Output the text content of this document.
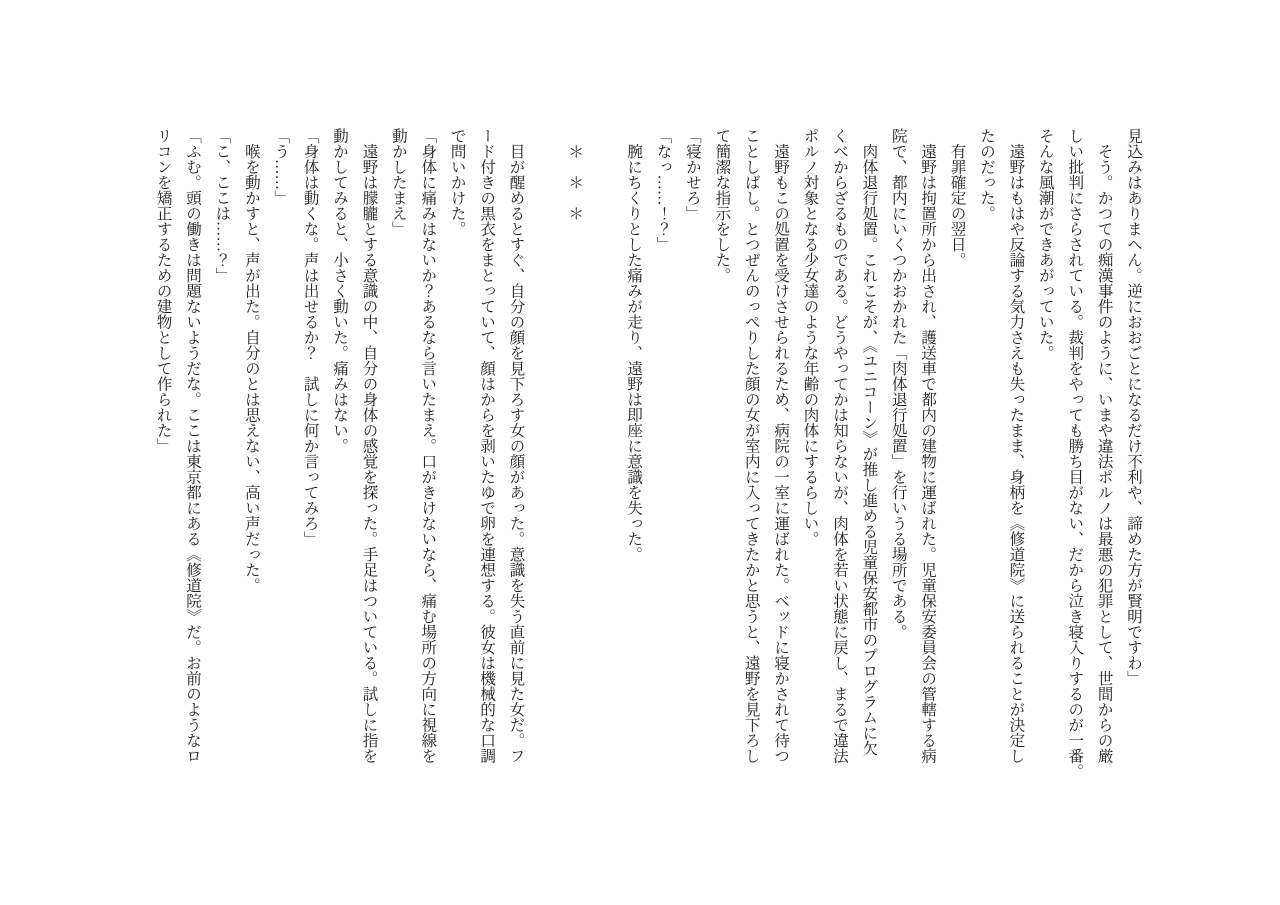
見込みはありまへん。逆におおごとになるだけ不利や、諦めた方が賢明ですわ」
　そう。かつての痴漢事件のように、いまや違法ポルノは最悪の犯罪として、世間からの厳
しい批判にさらされている。裁判をやっても勝ち目がない、だから泣き寝入りするのが一番。
そんな風潮ができあがっていた。
　遠野はもはや反論する気力さえも失ったまま、身柄を《修道院》に送られることが決定し
たのだった。
　有罪確定の翌日。
　遠野は拘置所から出され、護送車で都内の建物に運ばれた。児童保安委員会の管轄する病
院で、都内にいくつかおかれた「肉体退行処置」を行いうる場所である。
　肉体退行処置。これこそが、《ユニコーン》が推し進める児童保安都市のプログラムに欠
くべからざるものである。どうやってかは知らないが、肉体を若い状態に戻し、まるで違法
ポルノ対象となる少女達のような年齢の肉体にするらしい。
　遠野もこの処置を受けさせられるため、病院の一室に運ばれた。ベッドに寝かされて待つ
ことしばし。とつぜんのっぺりした顔の女が室内に入ってきたかと思うと、遠野を見下ろし
て簡潔な指示をした。
「寝かせろ」
「なっ……！？」
　腕にちくりとした痛みが走り、遠野は即座に意識を失った。

　＊　＊　＊

　目が醒めるとすぐ、自分の顔を見下ろす女の顔があった。意識を失う直前に見た女だ。フ
ード付きの黒衣をまとっていて、顔はからを剥いたゆで卵を連想する。彼女は機械的な口調
で問いかけた。
「身体に痛みはないか？あるなら言いたまえ。口がきけないなら、痛む場所の方向に視線を
動かしたまえ」
　遠野は朦朧とする意識の中、自分の身体の感覚を探った。手足はついている。試しに指を
動かしてみると、小さく動いた。痛みはない。
「身体は動くな。声は出せるか？　試しに何か言ってみろ」
「う……」
　喉を動かすと、声が出た。自分のとは思えない、高い声だった。
「こ、ここは……？」
「ふむ。頭の働きは問題ないようだな。ここは東京都にある《修道院》だ。お前のようなロ
リコンを矯正するための建物として作られた」
